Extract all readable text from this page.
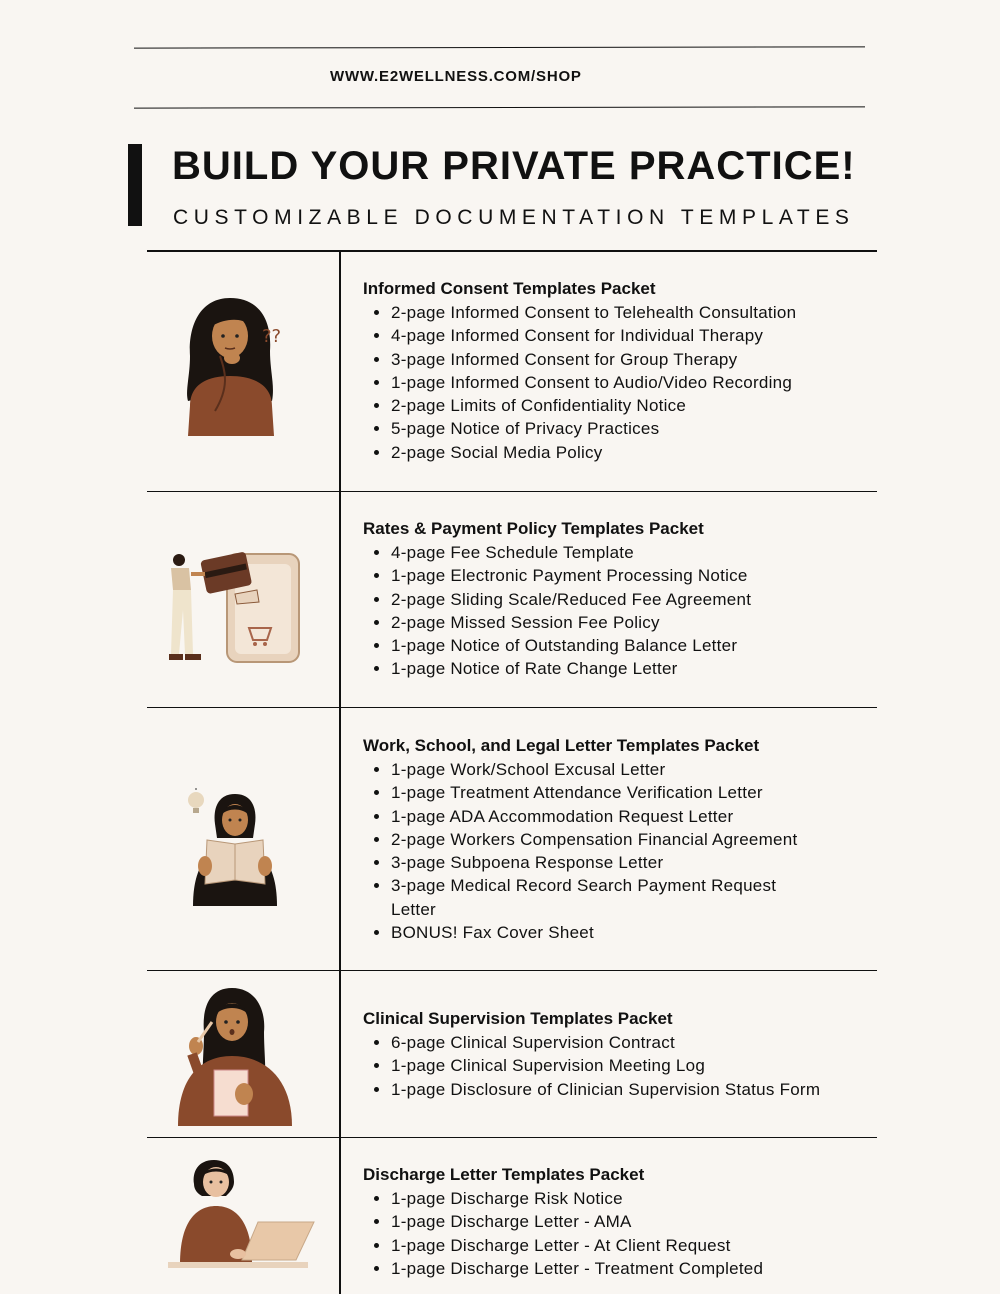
WWW.E2WELLNESS.COM/SHOP
BUILD YOUR PRIVATE PRACTICE!
CUSTOMIZABLE DOCUMENTATION TEMPLATES
??
Informed Consent Templates Packet
• 2-page Informed Consent to Telehealth Consultation
• 4-page Informed Consent for Individual Therapy
• 3-page Informed Consent for Group Therapy
• 1-page Informed Consent to Audio/Video Recording
• 2-page Limits of Confidentiality Notice
• 5-page Notice of Privacy Practices
• 2-page Social Media Policy
Rates & Payment Policy Templates Packet
• 4-page Fee Schedule Template
• 1-page Electronic Payment Processing Notice
• 2-page Sliding Scale/Reduced Fee Agreement
• 2-page Missed Session Fee Policy
• 1-page Notice of Outstanding Balance Letter
• 1-page Notice of Rate Change Letter
Work, School, and Legal Letter Templates Packet
• 1-page Work/School Excusal Letter
• 1-page Treatment Attendance Verification Letter
• 1-page ADA Accommodation Request Letter
• 2-page Workers Compensation Financial Agreement
• 3-page Subpoena Response Letter
• 3-page Medical Record Search Payment Request Letter
• BONUS! Fax Cover Sheet
Clinical Supervision Templates Packet
• 6-page Clinical Supervision Contract
• 1-page Clinical Supervision Meeting Log
• 1-page Disclosure of Clinician Supervision Status Form
Discharge Letter Templates Packet
• 1-page Discharge Risk Notice
• 1-page Discharge Letter - AMA
• 1-page Discharge Letter - At Client Request
• 1-page Discharge Letter - Treatment Completed
